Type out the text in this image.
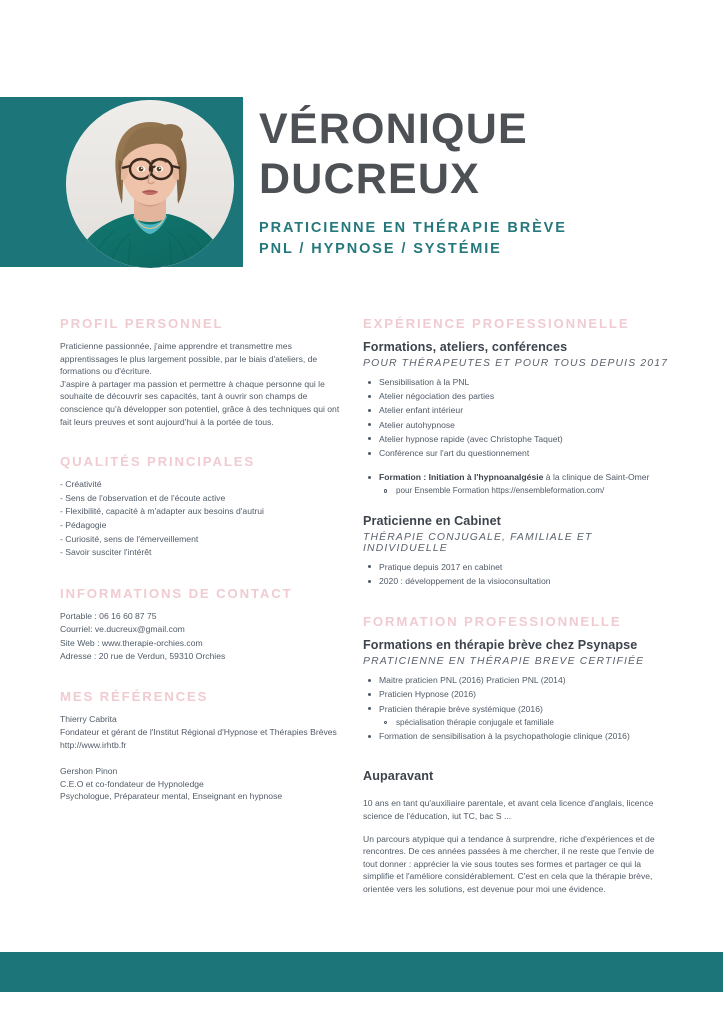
VÉRONIQUE
DUCREUX
PRATICIENNE EN THÉRAPIE BRÈVE
PNL / HYPNOSE / SYSTÉMIE
PROFIL PERSONNEL

Praticienne passionnée, j'aime apprendre et transmettre mes apprentissages le plus largement possible, par le biais d'ateliers, de formations ou d'écriture.

J'aspire à partager ma passion et permettre à chaque personne qui le souhaite de découvrir ses capacités, tant à ouvrir son champs de conscience qu'à développer son potentiel, grâce à des techniques qui ont fait leurs preuves et sont aujourd'hui à la portée de tous.

QUALITÉS PRINCIPALES
- Créativité
- Sens de l'observation et de l'écoute active
- Flexibilité, capacité à m'adapter aux besoins d'autrui
- Pédagogie
- Curiosité, sens de l'émerveillement
- Savoir susciter l'intérêt
INFORMATIONS DE CONTACT
Portable : 06 16 60 87 75
Courriel: ve.ducreux@gmail.com
Site Web : www.therapie-orchies.com
Adresse : 20 rue de Verdun, 59310 Orchies
MES RÉFÉRENCES

Thierry Cabrita

Fondateur et gérant de l'Institut Régional d'Hypnose et Thérapies Brèves

http://www.irhtb.fr

Gershon Pinon

C.E.O et co-fondateur de Hypnoledge

Psychologue, Préparateur mental, Enseignant en hypnose

EXPÉRIENCE PROFESSIONNELLE
Formations, ateliers, conférences
POUR THÉRAPEUTES ET POUR TOUS DEPUIS 2017
Sensibilisation à la PNL
Atelier négociation des parties
Atelier enfant intérieur
Atelier autohypnose
Atelier hypnose rapide (avec Christophe Taquet)
Conférence sur l'art du questionnement
Formation : Initiation à l'hypnoanalgésie à la clinique de Saint-Omer
pour Ensemble Formation https://ensembleformation.com/
Praticienne en Cabinet
THÉRAPIE CONJUGALE, FAMILIALE ET INDIVIDUELLE
Pratique depuis 2017 en cabinet
2020 : développement de la visioconsultation
FORMATION PROFESSIONNELLE
Formations en thérapie brève chez Psynapse
PRATICIENNE EN THÉRAPIE BREVE CERTIFIÉE
Maitre praticien PNL (2016) Praticien PNL (2014)
Praticien Hypnose (2016)
Praticien thérapie brève systémique (2016)
spécialisation thérapie conjugale et familiale
Formation de sensibilisation à la psychopathologie clinique (2016)
Auparavant

10 ans en tant qu'auxiliaire parentale, et avant cela licence d'anglais, licence science de l'éducation, iut TC, bac S ...

Un parcours atypique qui a tendance à surprendre, riche d'expériences et de rencontres. De ces années passées à me chercher, il ne reste que l'envie de tout donner : apprécier la vie sous toutes ses formes et partager ce qui la simplifie et l'améliore considérablement. C'est en cela que la thérapie brève, orientée vers les solutions, est devenue pour moi une évidence.
